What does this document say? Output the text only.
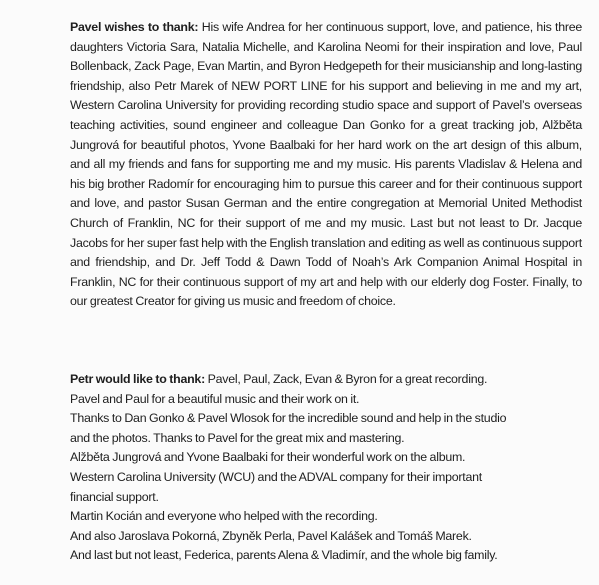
Pavel wishes to thank: His wife Andrea for her continuous support, love, and patience, his three daughters Victoria Sara, Natalia Michelle, and Karolina Neomi for their inspiration and love, Paul Bollenback, Zack Page, Evan Martin, and Byron Hedgepeth for their musicianship and long-lasting friendship, also Petr Marek of NEW PORT LINE for his support and believing in me and my art, Western Carolina University for providing recording studio space and support of Pavel’s overseas teaching activities, sound engineer and colleague Dan Gonko for a great tracking job, Alžběta Jungrová for beautiful photos, Yvone Baalbaki for her hard work on the art design of this album, and all my friends and fans for supporting me and my music. His parents Vladislav & Helena and his big brother Radomír for encouraging him to pursue this career and for their continuous support and love, and pastor Susan German and the entire congregation at Memorial United Methodist Church of Franklin, NC for their support of me and my music. Last but not least to Dr. Jacque Jacobs for her super fast help with the English translation and editing as well as continuous support and friendship, and Dr. Jeff Todd & Dawn Todd of Noah’s Ark Companion Animal Hospital in Franklin, NC for their continuous support of my art and help with our elderly dog Foster. Finally, to our greatest Creator for giving us music and freedom of choice.
Petr would like to thank: Pavel, Paul, Zack, Evan & Byron for a great recording.
Pavel and Paul for a beautiful music and their work on it.
Thanks to Dan Gonko & Pavel Wlosok for the incredible sound and help in the studio
and the photos. Thanks to Pavel for the great mix and mastering.
Alžběta Jungrová and Yvone Baalbaki for their wonderful work on the album.
Western Carolina University (WCU) and the ADVAL company for their important
financial support.
Martin Kocián and everyone who helped with the recording.
And also Jaroslava Pokorná, Zbyněk Perla, Pavel Kalášek and Tomáš Marek.
And last but not least, Federica, parents Alena & Vladimír, and the whole big family.
